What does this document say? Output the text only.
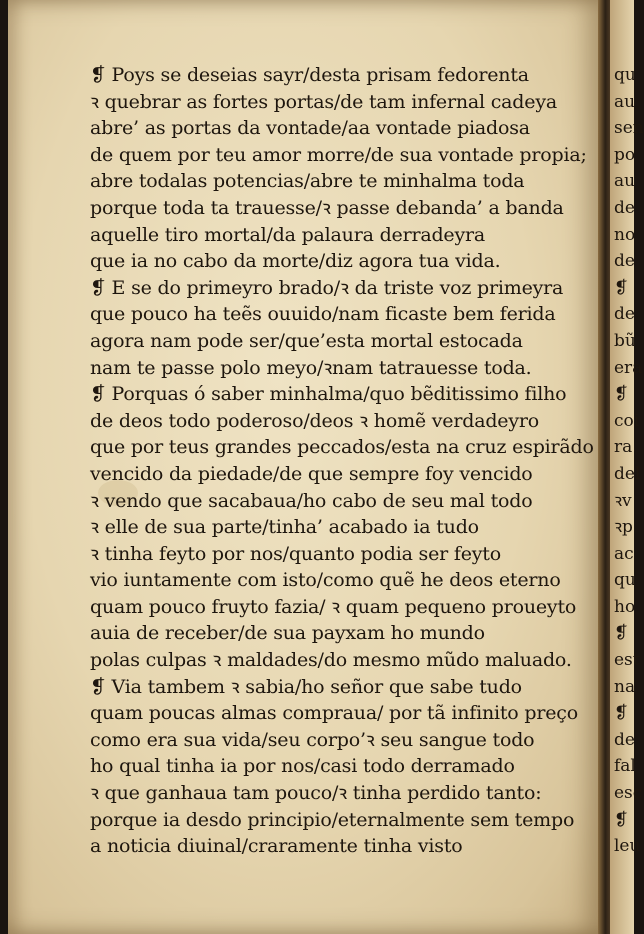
❡ Poys se deseias sayr/desta prisam fedorenta
ꝛ quebrar as fortes portas/de tam infernal cadeya
abre’ as portas da vontade/aa vontade piadosa
de quem por teu amor morre/de sua vontade propia;
abre todalas potencias/abre te minhalma toda
porque toda ta trauesse/ꝛ passe debanda’ a banda
aquelle tiro mortal/da palaura derradeyra
que ia no cabo da morte/diz agora tua vida.
❡ E se do primeyro brado/ꝛ da triste voz primeyra
que pouco ha teẽs ouuido/nam ficaste bem ferida
agora nam pode ser/que’esta mortal estocada
nam te passe polo meyo/ꝛnam tatrauesse toda.
❡ Porquas ó saber minhalma/quo bẽditissimo filho
de deos todo poderoso/deos ꝛ homẽ verdadeyro
que por teus grandes peccados/esta na cruz espirãdo
vencido da piedade/de que sempre foy vencido
ꝛ vendo que sacabaua/ho cabo de seu mal todo
ꝛ elle de sua parte/tinha’ acabado ia tudo
ꝛ tinha feyto por nos/quanto podia ser feyto
vio iuntamente com isto/como quẽ he deos eterno
quam pouco fruyto fazia/ ꝛ quam pequeno proueyto
auia de receber/de sua payxam ho mundo
polas culpas ꝛ maldades/do mesmo mũdo maluado.
❡ Via tambem ꝛ sabia/ho señor que sabe tudo
quam poucas almas compraua/ por tã infinito preço
como era sua vida/seu corpo’ꝛ seu sangue todo
ho qual tinha ia por nos/casi todo derramado
ꝛ que ganhaua tam pouco/ꝛ tinha perdido tanto:
porque ia desdo principio/eternalmente sem tempo
a noticia diuinal/craramente tinha visto
qu
au
sen
po
au
de
no
de
❡
de
bũ
era
❡
coi
ra
del
ꝛv
ꝛp
ac
qu
ho
❡
est
na
❡
de
fal
esc
❡
leu
